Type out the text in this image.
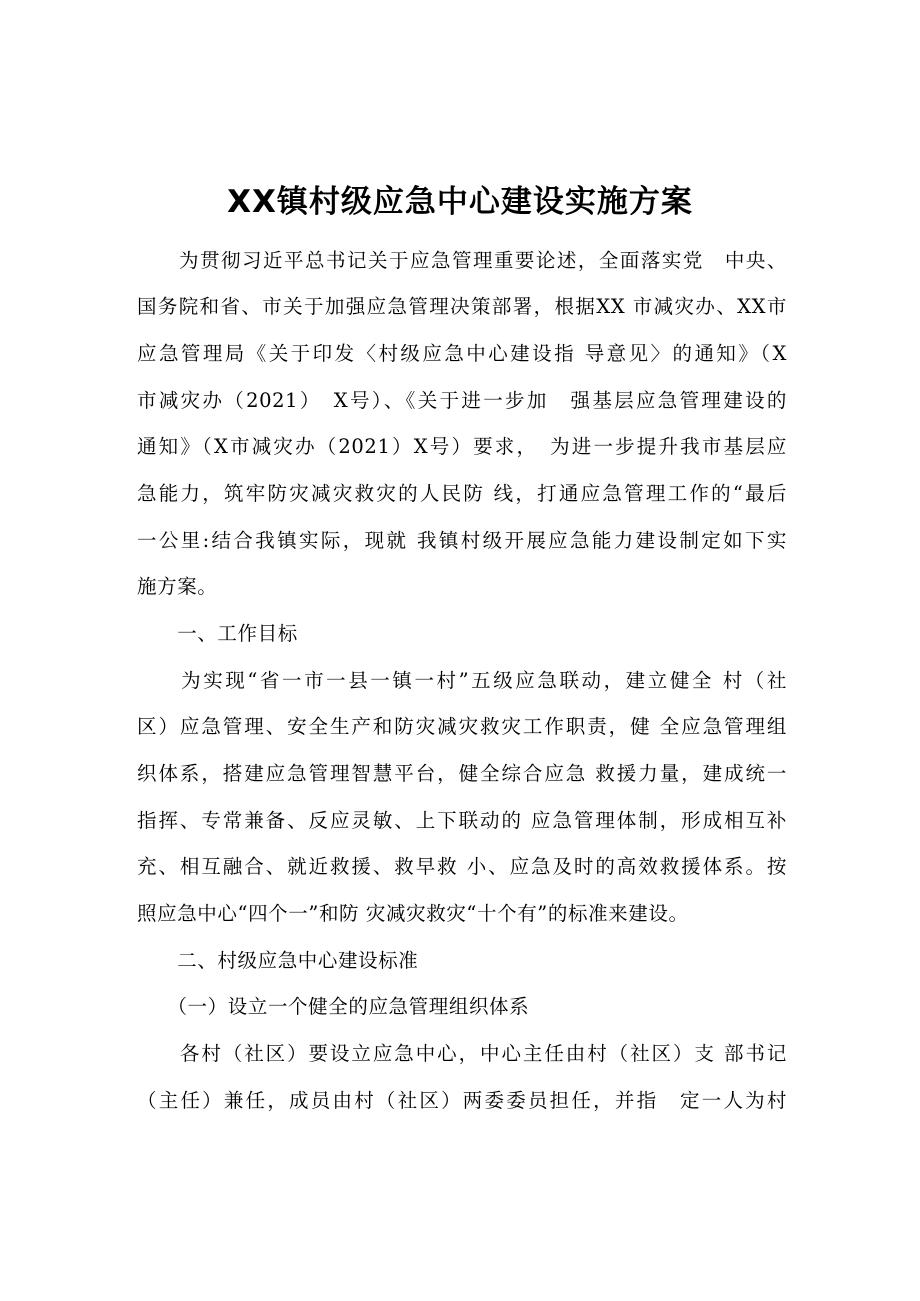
XX镇村级应急中心建设实施方案
　　为贯彻习近平总书记关于应急管理重要论述，全面落实党　中央、
国务院和省、市关于加强应急管理决策部署，根据XX 市减灾办、XX市
应急管理局《关于印发〈村级应急中心建设指 导意见〉的通知》（X
市减灾办（2021）　X号）、《关于进一步加　强基层应急管理建设的
通知》（X市减灾办（2021）X号）要求，　为进一步提升我市基层应
急能力，筑牢防灾减灾救灾的人民防 线，打通应急管理工作的“最后
一公里:结合我镇实际，现就 我镇村级开展应急能力建设制定如下实
施方案。
　　一、工作目标
　　为实现“省一市一县一镇一村”五级应急联动，建立健全 村（社
区）应急管理、安全生产和防灾减灾救灾工作职责，健 全应急管理组
织体系，搭建应急管理智慧平台，健全综合应急 救援力量，建成统一
指挥、专常兼备、反应灵敏、上下联动的 应急管理体制，形成相互补
充、相互融合、就近救援、救早救 小、应急及时的高效救援体系。按
照应急中心“四个一”和防 灾减灾救灾“十个有”的标准来建设。
　　二、村级应急中心建设标准
　　（一）设立一个健全的应急管理组织体系
　　各村（社区）要设立应急中心，中心主任由村（社区）支 部书记
（主任）兼任，成员由村（社区）两委委员担任，并指　定一人为村
